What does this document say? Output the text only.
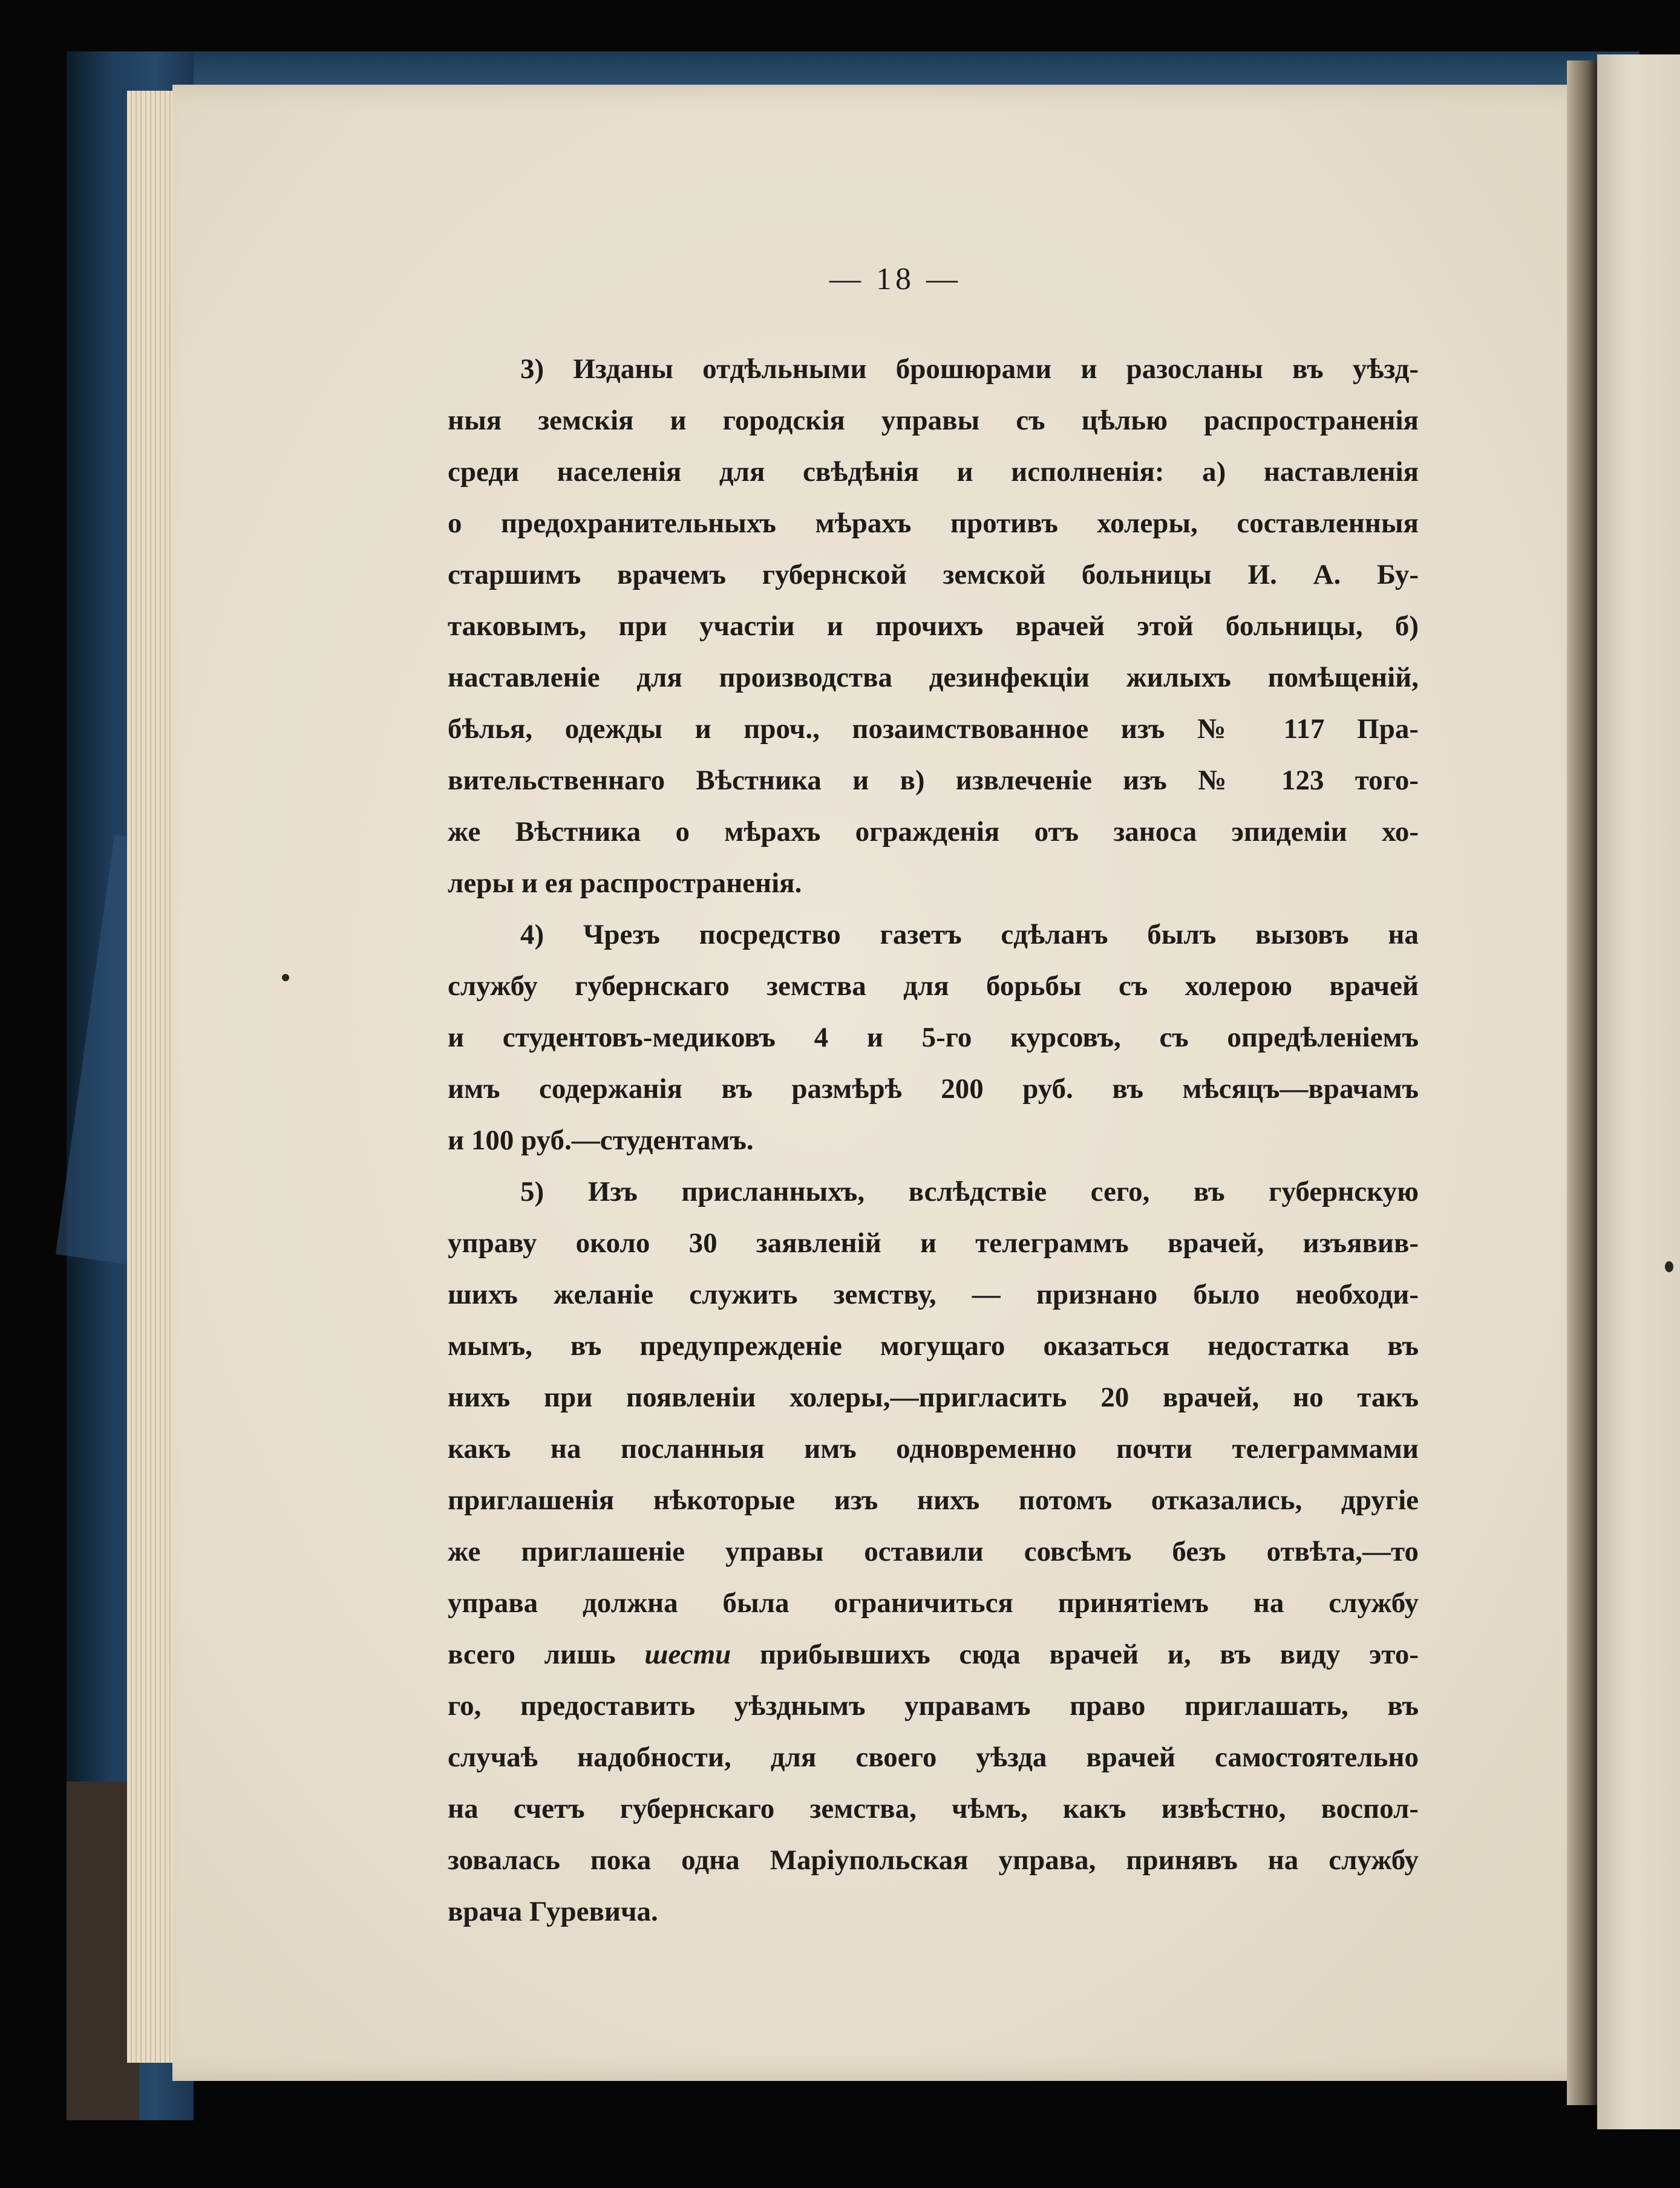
— 18 —
3) Изданы отдѣльными брошюрами и разосланы въ уѣзд-
ныя земскія и городскія управы съ цѣлью распространенія
среди населенія для свѣдѣнія и исполненія: а) наставленія
о предохранительныхъ мѣрахъ противъ холеры, составленныя
старшимъ врачемъ губернской земской больницы И. А. Бу-
таковымъ, при участіи и прочихъ врачей этой больницы, б)
наставленіе для производства дезинфекціи жилыхъ помѣщеній,
бѣлья, одежды и проч., позаимствованное изъ № 117 Пра-
вительственнаго Вѣстника и в) извлеченіе изъ № 123 того-
же Вѣстника о мѣрахъ огражденія отъ заноса эпидеміи хо-
леры и ея распространенія.
4) Чрезъ посредство газетъ сдѣланъ былъ вызовъ на
службу губернскаго земства для борьбы съ холерою врачей
и студентовъ-медиковъ 4 и 5-го курсовъ, съ опредѣленіемъ
имъ содержанія въ размѣрѣ 200 руб. въ мѣсяцъ—врачамъ
и 100 руб.—студентамъ.
5) Изъ присланныхъ, вслѣдствіе сего, въ губернскую
управу около 30 заявленій и телеграммъ врачей, изъявив-
шихъ желаніе служить земству, — признано было необходи-
мымъ, въ предупрежденіе могущаго оказаться недостатка въ
нихъ при появленіи холеры,—пригласить 20 врачей, но такъ
какъ на посланныя имъ одновременно почти телеграммами
приглашенія нѣкоторые изъ нихъ потомъ отказались, другіе
же приглашеніе управы оставили совсѣмъ безъ отвѣта,—то
управа должна была ограничиться принятіемъ на службу
всего лишь шести прибывшихъ сюда врачей и, въ виду это-
го, предоставить уѣзднымъ управамъ право приглашать, въ
случаѣ надобности, для своего уѣзда врачей самостоятельно
на счетъ губернскаго земства, чѣмъ, какъ извѣстно, воспол-
зовалась пока одна Маріупольская управа, принявъ на службу
врача Гуревича.
